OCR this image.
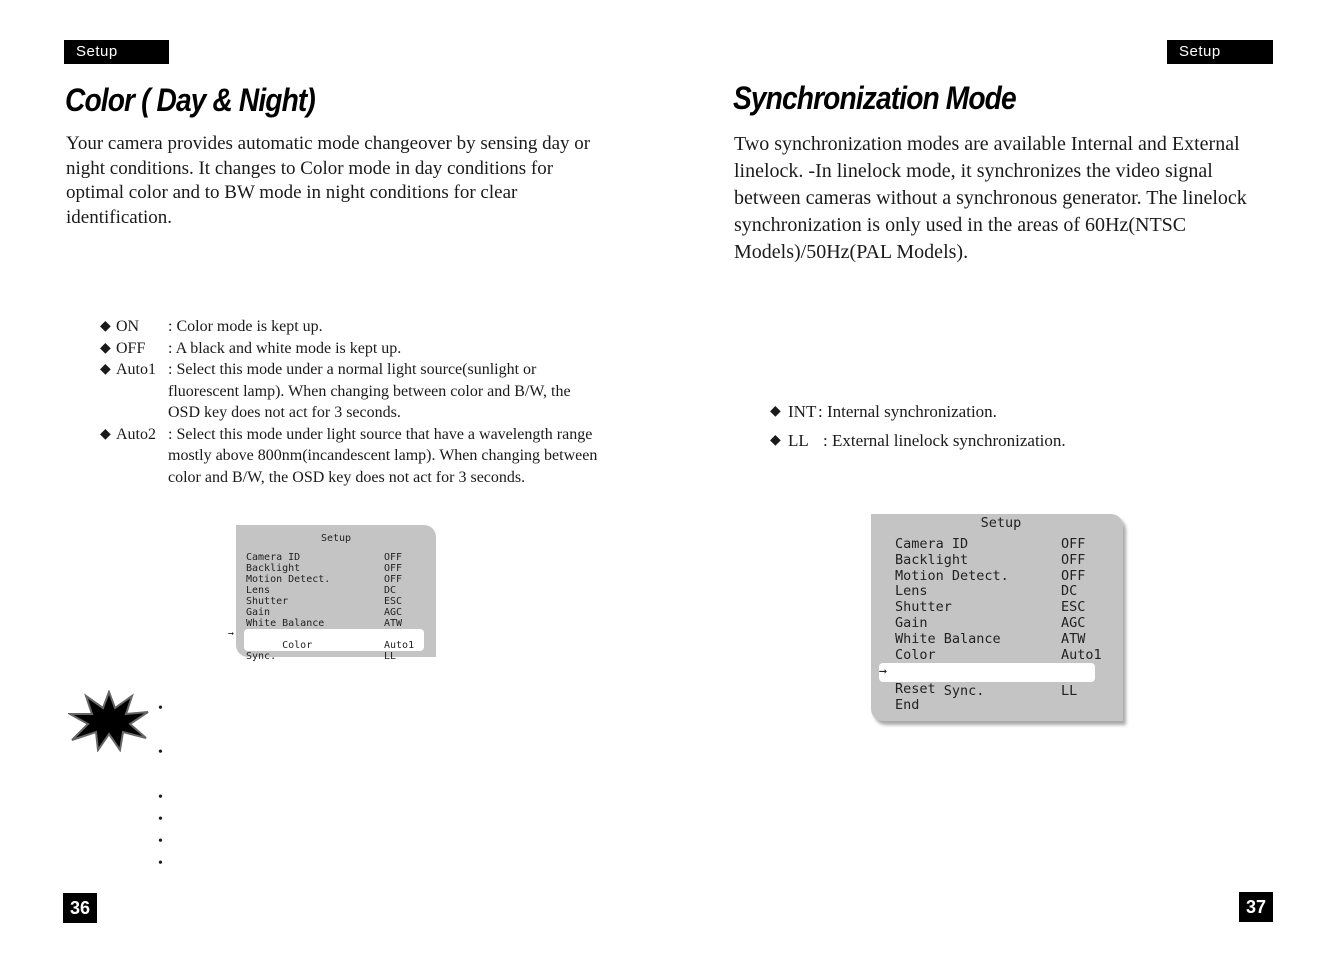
Setup Menu
Color ( Day & Night)
Your camera provides automatic mode changeover by sensing day or night conditions. It changes to Color mode in day conditions for optimal color and to BW mode in night conditions for clear identification.
◆ ON	: Color mode is kept up.
◆ OFF	: A black and white mode is kept up.
◆ Auto1 : Select this mode under a normal light source(sunlight or fluorescent lamp). When changing between color and B/W, the OSD key does not act for 3 seconds.
◆ Auto2 : Select this mode under light source that have a wavelength range mostly above 800nm(incandescent lamp). When changing between color and B/W, the OSD key does not act for 3 seconds.
Setup
Camera ID	OFF
Backlight	OFF
Motion Detect.	OFF
Lens	DC
Shutter	ESC
Gain	AGC
White Balance	ATW

➞
Color	Auto1
Sync.	LL
•
•
•
•
•
•
36
Setup Menu
Synchronization Mode
Two synchronization modes are available Internal and External linelock. -In linelock mode, it synchronizes the video signal between cameras without a synchronous generator. The linelock synchronization is only used in the areas of 60Hz(NTSC Models)/50Hz(PAL Models).
◆ INT : Internal synchronization.
◆ LL : External linelock synchronization.
Setup
Camera ID	OFF
Backlight	OFF
Motion Detect.	OFF
Lens	DC
Shutter	ESC
Gain	AGC
White Balance	ATW
Color	Auto1

➞
Sync.	LL
Reset
End
37
